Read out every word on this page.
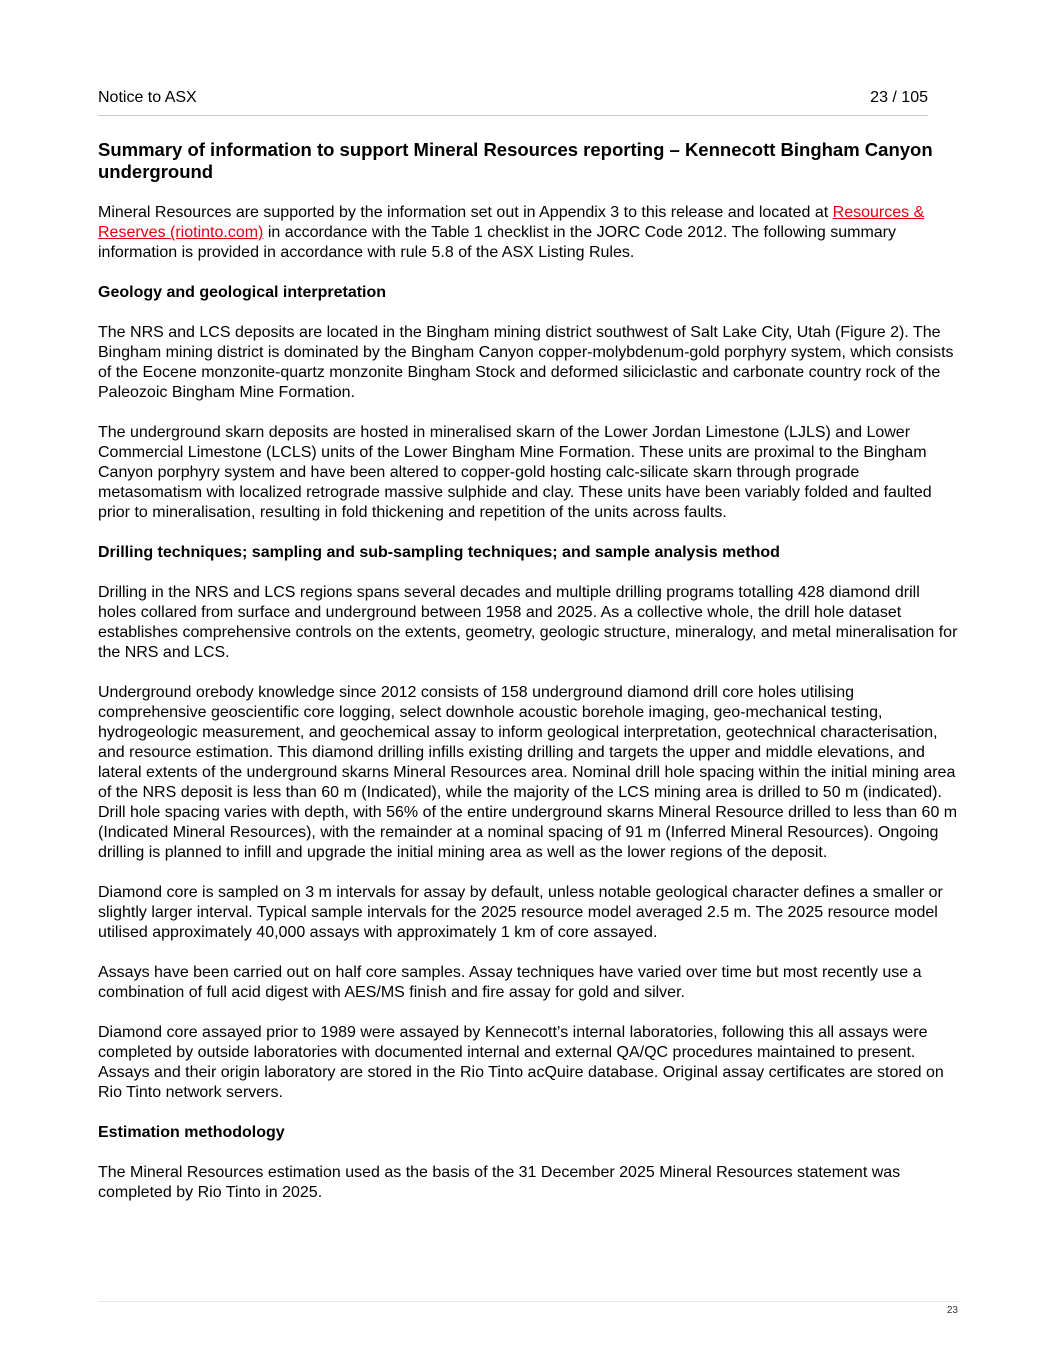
Notice to ASX	23 / 105
Summary of information to support Mineral Resources reporting – Kennecott Bingham Canyon underground

Mineral Resources are supported by the information set out in Appendix 3 to this release and located at Resources & Reserves (riotinto.com) in accordance with the Table 1 checklist in the JORC Code 2012. The following summary information is provided in accordance with rule 5.8 of the ASX Listing Rules.

Geology and geological interpretation

The NRS and LCS deposits are located in the Bingham mining district southwest of Salt Lake City, Utah (Figure 2). The Bingham mining district is dominated by the Bingham Canyon copper-molybdenum-gold porphyry system, which consists of the Eocene monzonite-quartz monzonite Bingham Stock and deformed siliciclastic and carbonate country rock of the Paleozoic Bingham Mine Formation.

The underground skarn deposits are hosted in mineralised skarn of the Lower Jordan Limestone (LJLS) and Lower Commercial Limestone (LCLS) units of the Lower Bingham Mine Formation. These units are proximal to the Bingham Canyon porphyry system and have been altered to copper-gold hosting calc-silicate skarn through prograde metasomatism with localized retrograde massive sulphide and clay. These units have been variably folded and faulted prior to mineralisation, resulting in fold thickening and repetition of the units across faults.

Drilling techniques; sampling and sub-sampling techniques; and sample analysis method

Drilling in the NRS and LCS regions spans several decades and multiple drilling programs totalling 428 diamond drill holes collared from surface and underground between 1958 and 2025. As a collective whole, the drill hole dataset establishes comprehensive controls on the extents, geometry, geologic structure, mineralogy, and metal mineralisation for the NRS and LCS.

Underground orebody knowledge since 2012 consists of 158 underground diamond drill core holes utilising comprehensive geoscientific core logging, select downhole acoustic borehole imaging, geo-mechanical testing, hydrogeologic measurement, and geochemical assay to inform geological interpretation, geotechnical characterisation, and resource estimation. This diamond drilling infills existing drilling and targets the upper and middle elevations, and lateral extents of the underground skarns Mineral Resources area. Nominal drill hole spacing within the initial mining area of the NRS deposit is less than 60 m (Indicated), while the majority of the LCS mining area is drilled to 50 m (indicated). Drill hole spacing varies with depth, with 56% of the entire underground skarns Mineral Resource drilled to less than 60 m (Indicated Mineral Resources), with the remainder at a nominal spacing of 91 m (Inferred Mineral Resources). Ongoing drilling is planned to infill and upgrade the initial mining area as well as the lower regions of the deposit.

Diamond core is sampled on 3 m intervals for assay by default, unless notable geological character defines a smaller or slightly larger interval. Typical sample intervals for the 2025 resource model averaged 2.5 m. The 2025 resource model utilised approximately 40,000 assays with approximately 1 km of core assayed.

Assays have been carried out on half core samples. Assay techniques have varied over time but most recently use a combination of full acid digest with AES/MS finish and fire assay for gold and silver.

Diamond core assayed prior to 1989 were assayed by Kennecott’s internal laboratories, following this all assays were completed by outside laboratories with documented internal and external QA/QC procedures maintained to present. Assays and their origin laboratory are stored in the Rio Tinto acQuire database. Original assay certificates are stored on Rio Tinto network servers.

Estimation methodology

The Mineral Resources estimation used as the basis of the 31 December 2025 Mineral Resources statement was completed by Rio Tinto in 2025.

23
